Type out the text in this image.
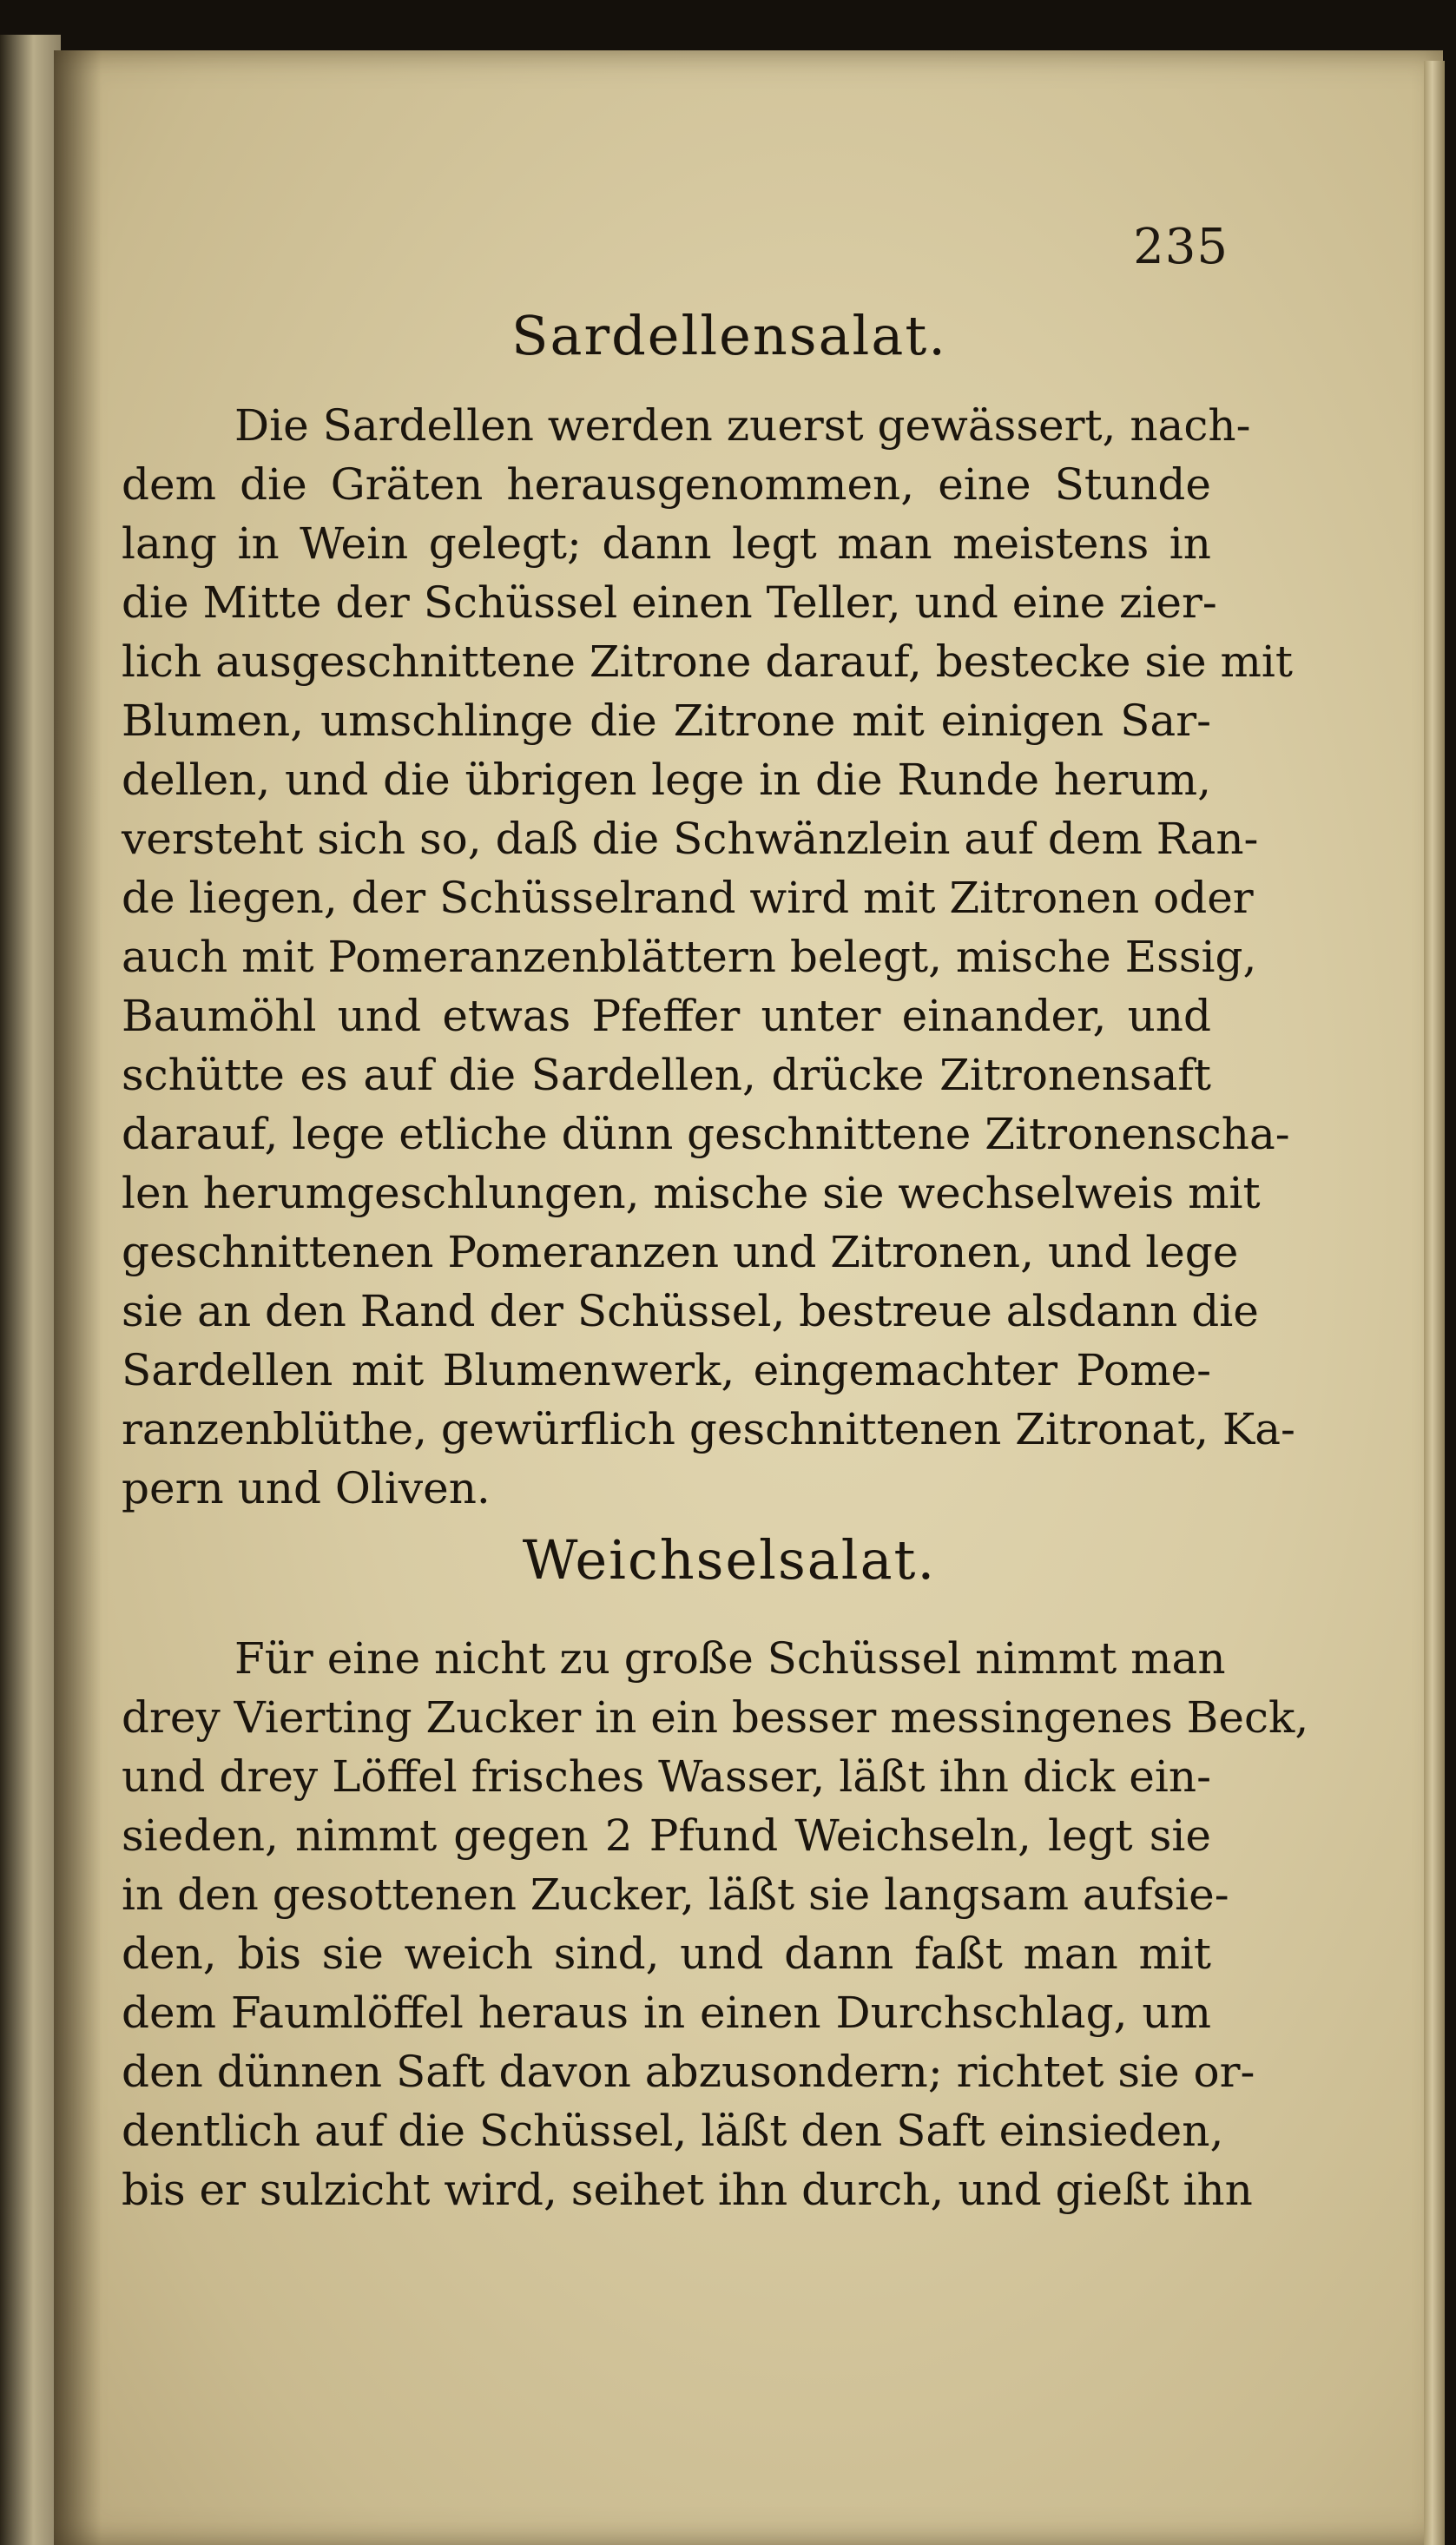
235
Sardellensalat.
Die Sardellen werden zuerst gewässert, nach-
dem die Gräten herausgenommen, eine Stunde
lang in Wein gelegt; dann legt man meistens in
die Mitte der Schüssel einen Teller, und eine zier-
lich ausgeschnittene Zitrone darauf, bestecke sie mit
Blumen, umschlinge die Zitrone mit einigen Sar-
dellen, und die übrigen lege in die Runde herum,
versteht sich so, daß die Schwänzlein auf dem Ran-
de liegen, der Schüsselrand wird mit Zitronen oder
auch mit Pomeranzenblättern belegt, mische Essig,
Baumöhl und etwas Pfeffer unter einander, und
schütte es auf die Sardellen, drücke Zitronensaft
darauf, lege etliche dünn geschnittene Zitronenscha-
len herumgeschlungen, mische sie wechselweis mit
geschnittenen Pomeranzen und Zitronen, und lege
sie an den Rand der Schüssel, bestreue alsdann die
Sardellen mit Blumenwerk, eingemachter Pome-
ranzenblüthe, gewürflich geschnittenen Zitronat, Ka-
pern und Oliven.
Weichselsalat.
Für eine nicht zu große Schüssel nimmt man
drey Vierting Zucker in ein besser messingenes Beck,
und drey Löffel frisches Wasser, läßt ihn dick ein-
sieden, nimmt gegen 2 Pfund Weichseln, legt sie
in den gesottenen Zucker, läßt sie langsam aufsie-
den, bis sie weich sind, und dann faßt man mit
dem Faumlöffel heraus in einen Durchschlag, um
den dünnen Saft davon abzusondern; richtet sie or-
dentlich auf die Schüssel, läßt den Saft einsieden,
bis er sulzicht wird, seihet ihn durch, und gießt ihn
